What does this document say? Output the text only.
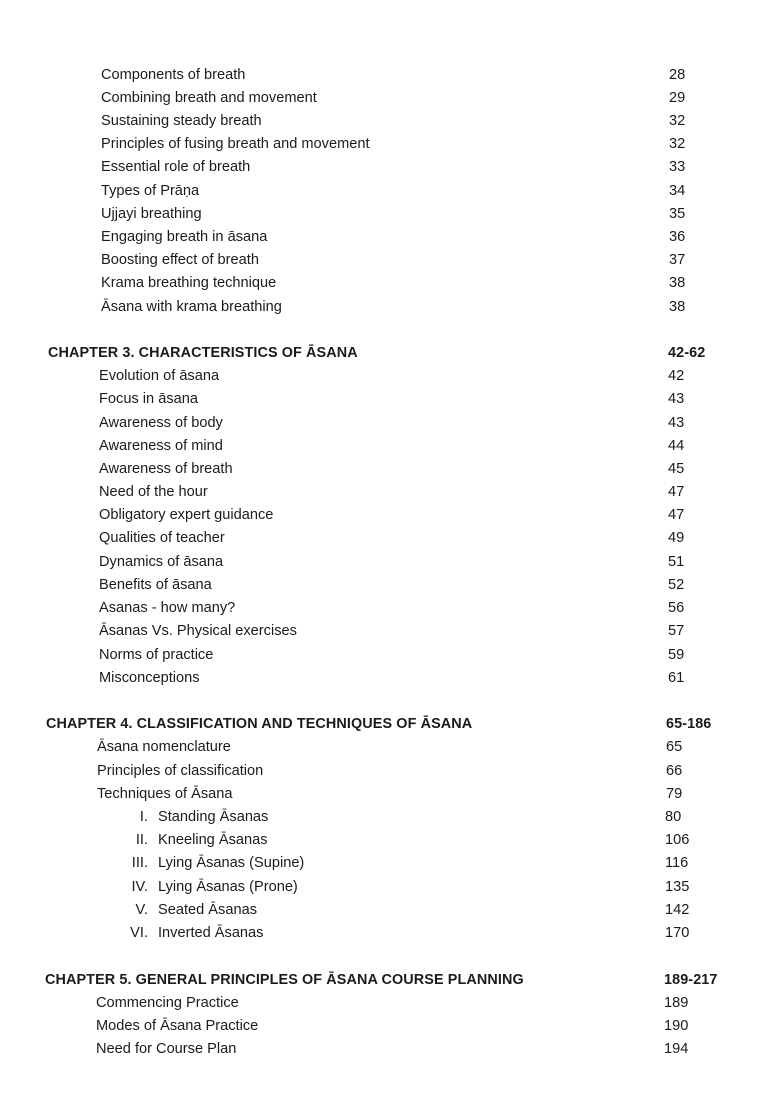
Components of breath	28
Combining breath and movement	29
Sustaining steady breath	32
Principles of fusing breath and movement	32
Essential role of breath	33
Types of Prāṇa	34
Ujjayi breathing	35
Engaging breath in āsana	36
Boosting effect of breath	37
Krama breathing technique	38
Āsana with krama breathing	38
CHAPTER 3. CHARACTERISTICS OF ĀSANA	42-62
Evolution of āsana	42
Focus in āsana	43
Awareness of body	43
Awareness of mind	44
Awareness of breath	45
Need of the hour	47
Obligatory expert guidance	47
Qualities of teacher	49
Dynamics of āsana	51
Benefits of āsana	52
Asanas - how many?	56
Āsanas Vs. Physical exercises	57
Norms of practice	59
Misconceptions	61
CHAPTER 4. CLASSIFICATION AND TECHNIQUES OF ĀSANA	65-186
Āsana nomenclature	65
Principles of classification	66
Techniques of Āsana	79
I. Standing Āsanas	80
II. Kneeling Āsanas	106
III. Lying Āsanas (Supine)	116
IV. Lying Āsanas (Prone)	135
V. Seated Āsanas	142
VI. Inverted Āsanas	170
CHAPTER 5. GENERAL PRINCIPLES OF ĀSANA COURSE PLANNING	189-217
Commencing Practice	189
Modes of Āsana Practice	190
Need for Course Plan	194
